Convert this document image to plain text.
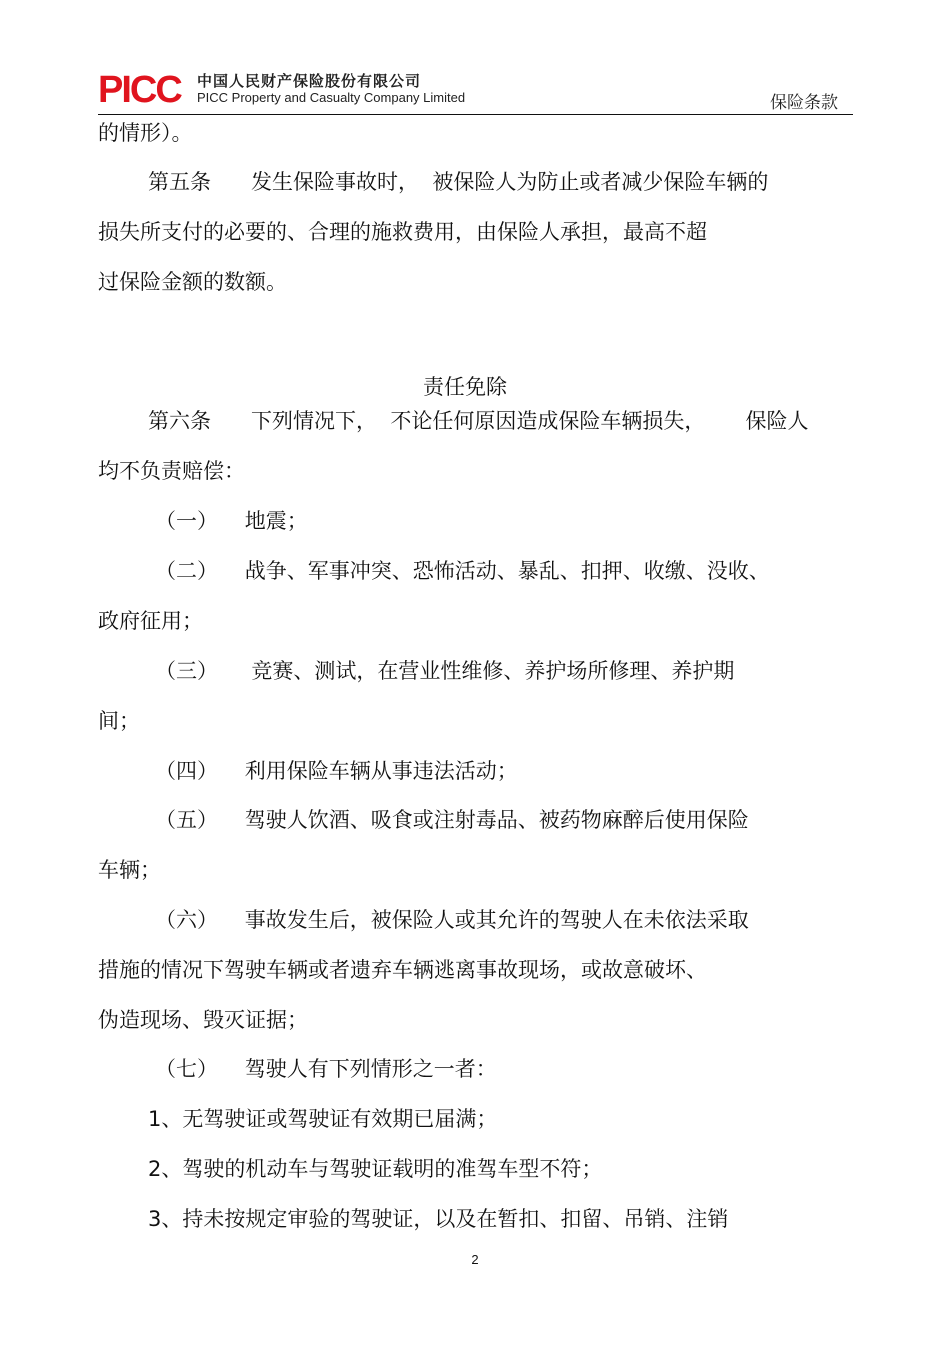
PICC 中国人民财产保险股份有限公司
PICC Property and Casualty Company Limited	保险条款
的情形）。
第五条      发生保险事故时，  被保险人为防止或者减少保险车辆的
损失所支付的必要的、合理的施救费用，由保险人承担，最高不超
过保险金额的数额。
责任免除
第六条      下列情况下，  不论任何原因造成保险车辆损失，      保险人
均不负责赔偿：
（一）    地震；
（二）    战争、军事冲突、恐怖活动、暴乱、扣押、收缴、没收、
政府征用；
（三）     竞赛、测试，在营业性维修、养护场所修理、养护期
间；
（四）    利用保险车辆从事违法活动；
（五）    驾驶人饮酒、吸食或注射毒品、被药物麻醉后使用保险
车辆；
（六）    事故发生后，被保险人或其允许的驾驶人在未依法采取
措施的情况下驾驶车辆或者遗弃车辆逃离事故现场，或故意破坏、
伪造现场、毁灭证据；
（七）    驾驶人有下列情形之一者：
1、无驾驶证或驾驶证有效期已届满；
2、驾驶的机动车与驾驶证载明的准驾车型不符；
3、持未按规定审验的驾驶证，以及在暂扣、扣留、吊销、注销
2
